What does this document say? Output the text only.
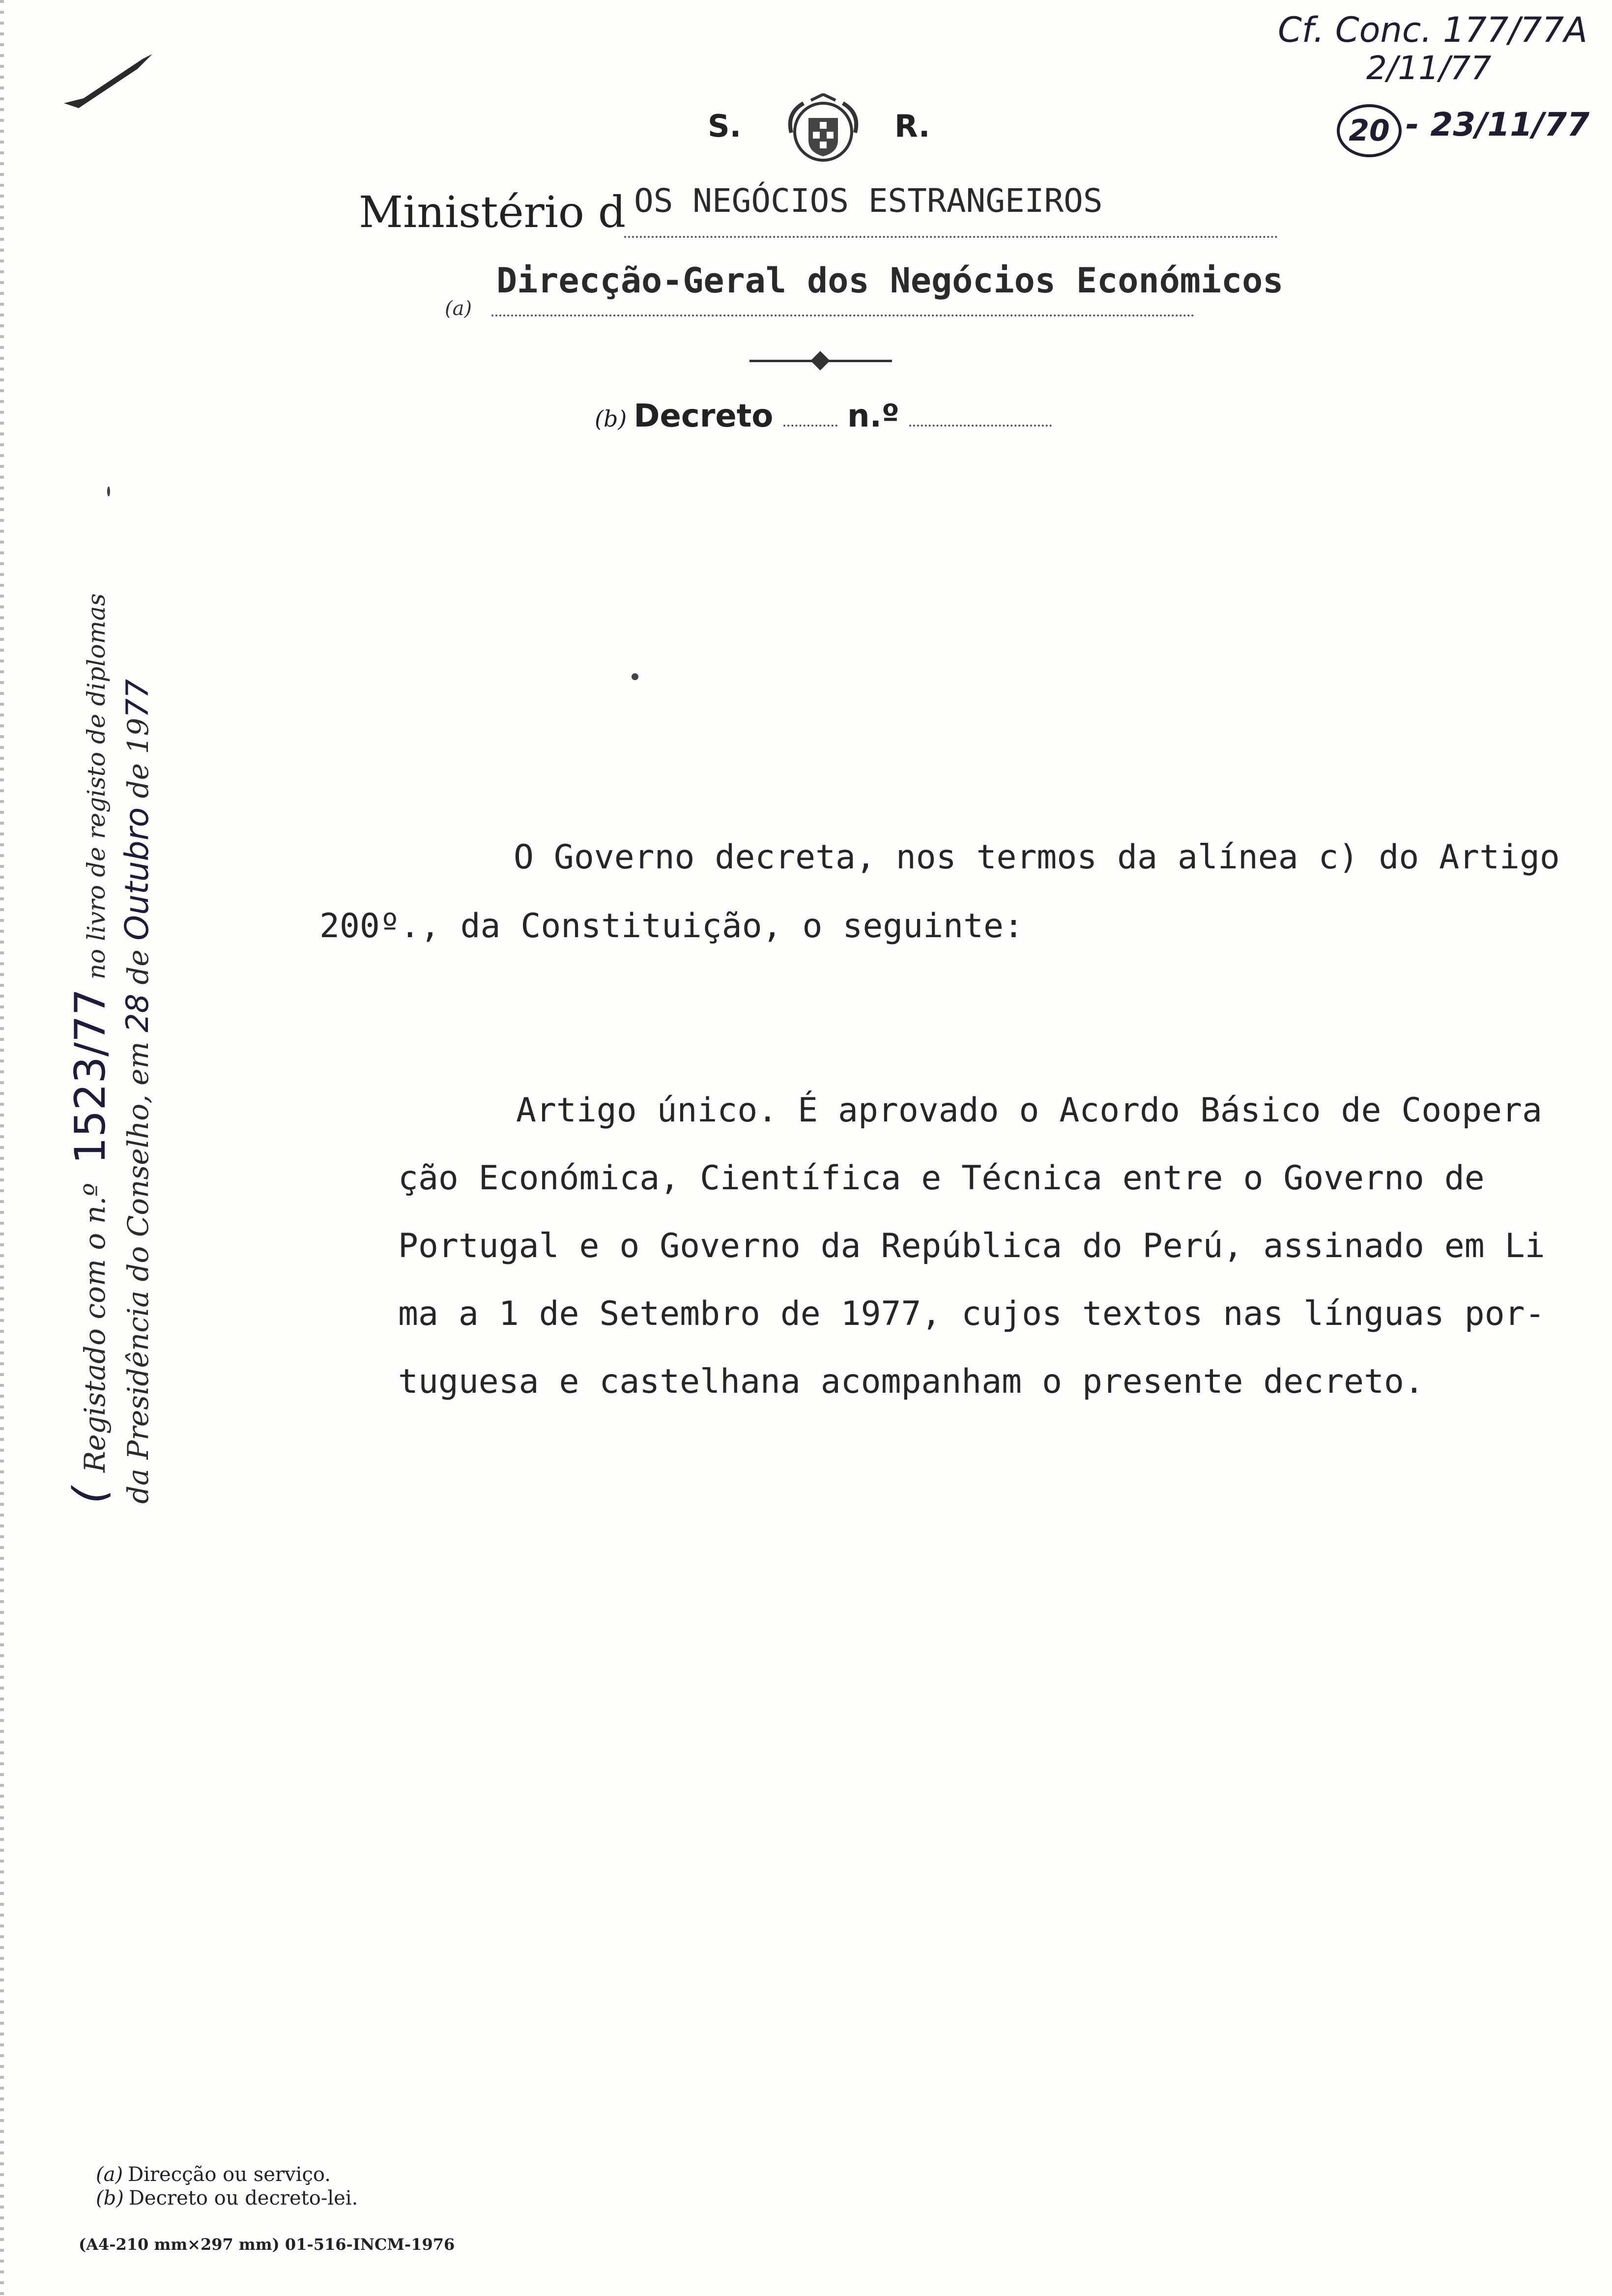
Cf. Conc. 177/77A
2/11/77
20 - 23/11/77
S.	R.
Ministério d OS NEGÓCIOS ESTRANGEIROS
(a)
Direcção-Geral dos Negócios Económicos
(b) Decreto n.º
O Governo decreta, nos termos da alínea c) do Artigo
200º., da Constituição, o seguinte:
Artigo único. É aprovado o Acordo Básico de Coopera
ção Económica, Científica e Técnica entre o Governo de
Portugal e o Governo da República do Perú, assinado em Li
ma a 1 de Setembro de 1977, cujos textos nas línguas por-
tuguesa e castelhana acompanham o presente decreto.
( Registado com o n.º 1523/77 no livro de registo de diplomas
da Presidência do Conselho, em 28 de Outubro de 1977
(a) Direcção ou serviço.
(b) Decreto ou decreto-lei.
(A4-210 mm×297 mm) 01-516-INCM-1976
